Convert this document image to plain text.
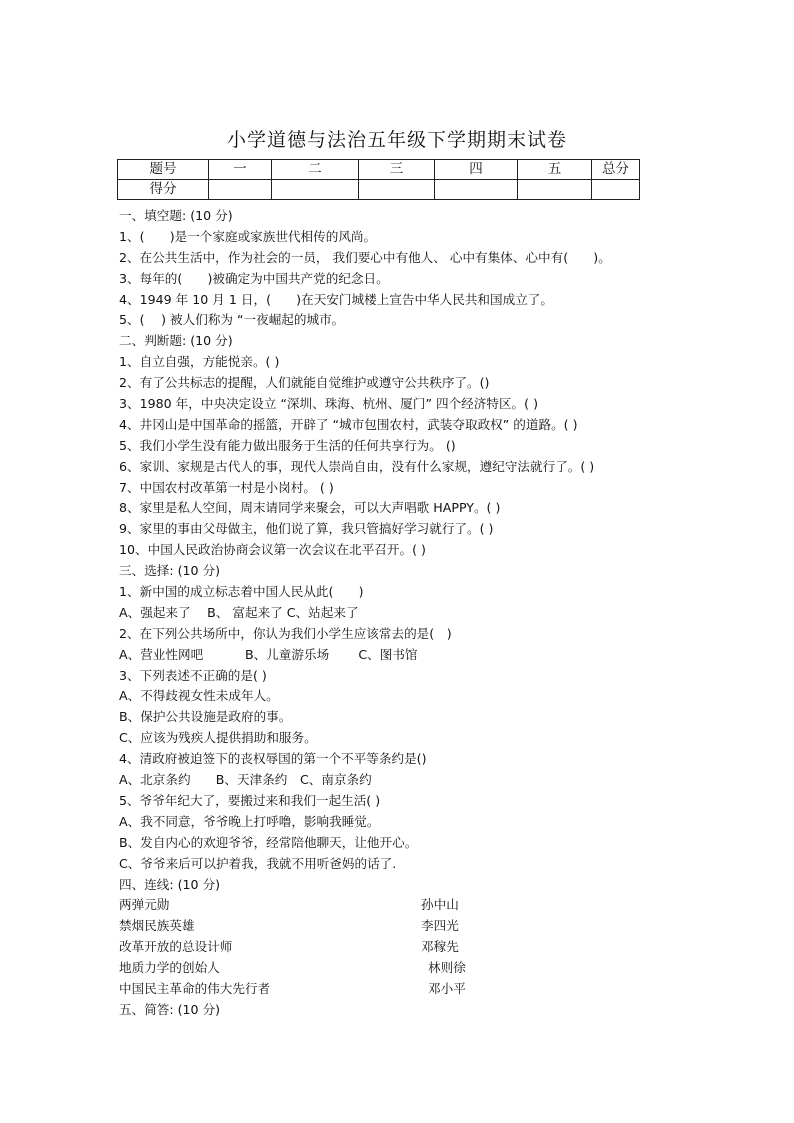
小学道德与法治五年级下学期期末试卷
题号	一	二	三	四	五	总分
得分						
一、填空题: (10 分)
1、(　　)是一个家庭或家族世代相传的风尚。
2、在公共生活中，作为社会的一员， 我们要心中有他人、 心中有集体、心中有(　　)。
3、每年的(　　)被确定为中国共产党的纪念日。
4、1949 年 10 月 1 日，(　　)在天安门城楼上宣告中华人民共和国成立了。
5、(　 ) 被人们称为 “一夜崛起的城市。
二、判断题: (10 分)
1、自立自强，方能悦亲。( )
2、有了公共标志的提醒，人们就能自觉维护或遵守公共秩序了。()
3、1980 年，中央决定设立 “深圳、珠海、杭州、厦门” 四个经济特区。( )
4、井冈山是中国革命的摇篮，开辟了 “城市包围农村，武装夺取政权” 的道路。( )
5、我们小学生没有能力做出服务于生活的任何共享行为。 ()
6、家训、家规是古代人的事，现代人崇尚自由，没有什么家规，遵纪守法就行了。( )
7、中国农村改革第一村是小岗村。 ( )
8、家里是私人空间，周末请同学来聚会，可以大声唱歌 HAPPY。( )
9、家里的事由父母做主，他们说了算，我只管搞好学习就行了。( )
10、中国人民政治协商会议第一次会议在北平召开。( )
三、选择: (10 分)
1、新中国的成立标志着中国人民从此(　　)
A、强起来了　 B、 富起来了 C、站起来了
2、在下列公共场所中，你认为我们小学生应该常去的是(　)
A、营业性网吧　　　 B、儿童游乐场　　 C、图书馆
3、下列表述不正确的是( )
A、不得歧视女性未成年人。
B、保护公共设施是政府的事。
C、应该为残疾人提供捐助和服务。
4、清政府被迫签下的丧权辱国的第一个不平等条约是()
A、北京条约　　B、天津条约　C、南京条约
5、爷爷年纪大了，要搬过来和我们一起生活( )
A、我不同意，爷爷晚上打呼噜，影响我睡觉。
B、发自内心的欢迎爷爷，经常陪他聊天，让他开心。
C、爷爷来后可以护着我，我就不用听爸妈的话了.
四、连线: (10 分)
两弹元勋	孙中山
禁烟民族英雄	李四光
改革开放的总设计师	邓稼先
地质力学的创始人	林则徐
中国民主革命的伟大先行者	邓小平
五、简答: (10 分)
